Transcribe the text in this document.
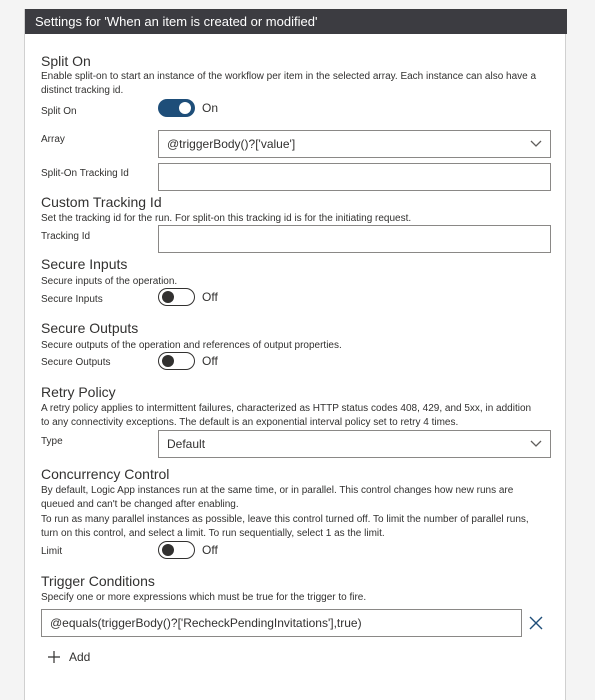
Settings for 'When an item is created or modified'
Split On
Enable split-on to start an instance of the workflow per item in the selected array. Each instance can also have a distinct tracking id.
Split On	On
Array	@triggerBody()?['value']
Split-On Tracking Id
Custom Tracking Id
Set the tracking id for the run. For split-on this tracking id is for the initiating request.
Tracking Id
Secure Inputs
Secure inputs of the operation.
Secure Inputs	Off
Secure Outputs
Secure outputs of the operation and references of output properties.
Secure Outputs	Off
Retry Policy
A retry policy applies to intermittent failures, characterized as HTTP status codes 408, 429, and 5xx, in addition to any connectivity exceptions. The default is an exponential interval policy set to retry 4 times.
Type	Default
Concurrency Control
By default, Logic App instances run at the same time, or in parallel. This control changes how new runs are queued and can't be changed after enabling.
To run as many parallel instances as possible, leave this control turned off. To limit the number of parallel runs, turn on this control, and select a limit. To run sequentially, select 1 as the limit.
Limit	Off
Trigger Conditions
Specify one or more expressions which must be true for the trigger to fire.
@equals(triggerBody()?['RecheckPendingInvitations'],true)
Add
